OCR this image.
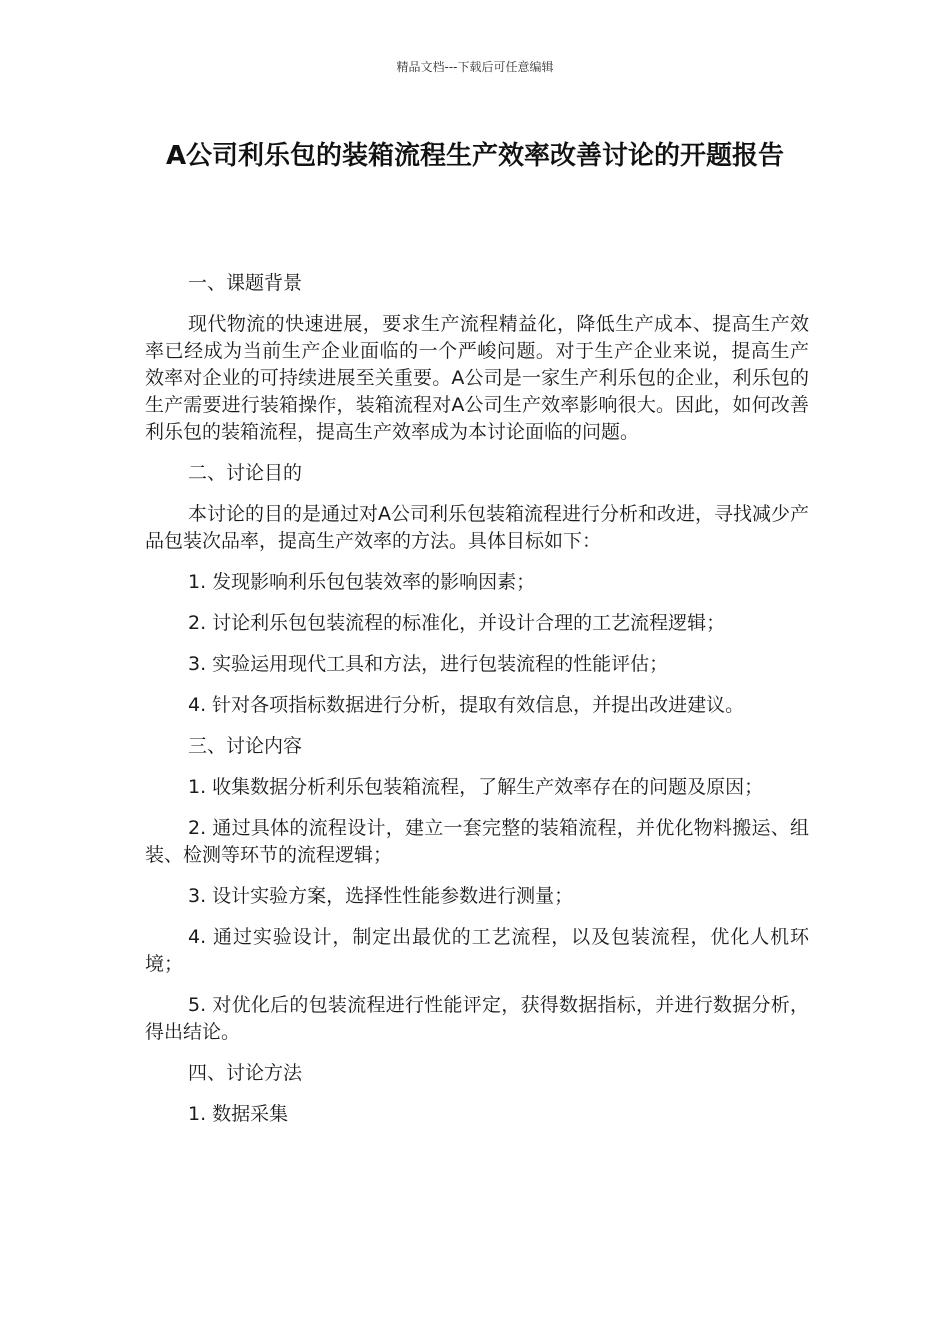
精品文档---下载后可任意编辑
A公司利乐包的装箱流程生产效率改善讨论的开题报告

一、课题背景

现代物流的快速进展，要求生产流程精益化，降低生产成本、提高生产效率已经成为当前生产企业面临的一个严峻问题。对于生产企业来说，提高生产效率对企业的可持续进展至关重要。A公司是一家生产利乐包的企业，利乐包的生产需要进行装箱操作，装箱流程对A公司生产效率影响很大。因此，如何改善利乐包的装箱流程，提高生产效率成为本讨论面临的问题。

二、讨论目的

本讨论的目的是通过对A公司利乐包装箱流程进行分析和改进，寻找减少产品包装次品率，提高生产效率的方法。具体目标如下：

1. 发现影响利乐包包装效率的影响因素；

2. 讨论利乐包包装流程的标准化，并设计合理的工艺流程逻辑；

3. 实验运用现代工具和方法，进行包装流程的性能评估；

4. 针对各项指标数据进行分析，提取有效信息，并提出改进建议。

三、讨论内容

1. 收集数据分析利乐包装箱流程，了解生产效率存在的问题及原因；

2. 通过具体的流程设计，建立一套完整的装箱流程，并优化物料搬运、组装、检测等环节的流程逻辑；

3. 设计实验方案，选择性性能参数进行测量；

4. 通过实验设计，制定出最优的工艺流程，以及包装流程，优化人机环境；

5. 对优化后的包装流程进行性能评定，获得数据指标，并进行数据分析，得出结论。

四、讨论方法

1. 数据采集
